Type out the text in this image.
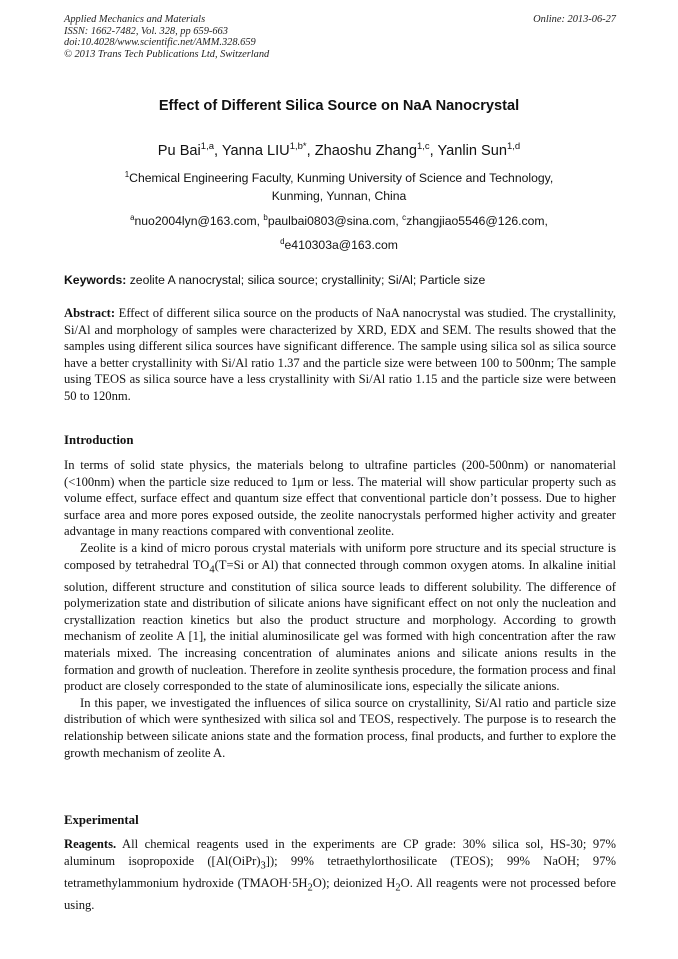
Applied Mechanics and Materials
ISSN: 1662-7482, Vol. 328, pp 659-663
doi:10.4028/www.scientific.net/AMM.328.659
© 2013 Trans Tech Publications Ltd, Switzerland
Online: 2013-06-27
Effect of Different Silica Source on NaA Nanocrystal
Pu Bai$^{1,a}$, Yanna $LIU^{1,b*}$, Zhaoshu Zhang$^{1,c}$, Yanlin Sun$^{1,d}$
$^1$Chemical Engineering Faculty, Kunming University of Science and Technology,
Kunming, Yunnan, China
$^a$nuo2004lyn@163.com, $^b$paulbai0803@sina.com, $^c$zhangjiao5546@126.com,
$^d$e410303a@163.com
Keywords: zeolite A nanocrystal; silica source; crystallinity; Si/Al; Particle size

Abstract: Effect of different silica source on the products of NaA nanocrystal was studied. The crystallinity, Si/Al and morphology of samples were characterized by XRD, EDX and SEM. The results showed that the samples using different silica sources have significant difference. The sample using silica sol as silica source have a better crystallinity with Si/Al ratio 1.37 and the particle size were between 100 to 500nm; The sample using TEOS as silica source have a less crystallinity with Si/Al ratio 1.15 and the particle size were between 50 to 120nm.

Introduction

In terms of solid state physics, the materials belong to ultrafine particles (200-500nm) or nanomaterial (<100nm) when the particle size reduced to 1μm or less. The material will show particular property such as volume effect, surface effect and quantum size effect that conventional particle don’t possess. Due to higher surface area and more pores exposed outside, the zeolite nanocrystals performed higher activity and greater advantage in many reactions compared with conventional zeolite.

Zeolite is a kind of micro porous crystal materials with uniform pore structure and its special structure is composed by tetrahedral $TO_4(T=Si$ or Al) that connected through common oxygen atoms. In alkaline initial solution, different structure and constitution of silica source leads to different solubility. The difference of polymerization state and distribution of silicate anions have significant effect on not only the nucleation and crystallization reaction kinetics but also the product structure and morphology. According to growth mechanism of zeolite A [1], the initial aluminosilicate gel was formed with high concentration after the raw materials mixed. The increasing concentration of aluminates anions and silicate anions results in the formation and growth of nucleation. Therefore in zeolite synthesis procedure, the formation process and final product are closely corresponded to the state of aluminosilicate ions, especially the silicate anions.

In this paper, we investigated the influences of silica source on crystallinity, Si/Al ratio and particle size distribution of which were synthesized with silica sol and TEOS, respectively. The purpose is to research the relationship between silicate anions state and the formation process, final products, and further to explore the growth mechanism of zeolite A.

Experimental

Reagents. All chemical reagents used in the experiments are CP grade: 30% silica sol, HS-30; 97% aluminum isopropoxide $([Al(OiPr)_3])$; 99% tetraethylorthosilicate (TEOS); 99% NaOH; 97% tetramethylammonium hydroxide $(TMAOH\cdot 5H_2O)$; deionized $H_2O$. All reagents were not processed before using.
